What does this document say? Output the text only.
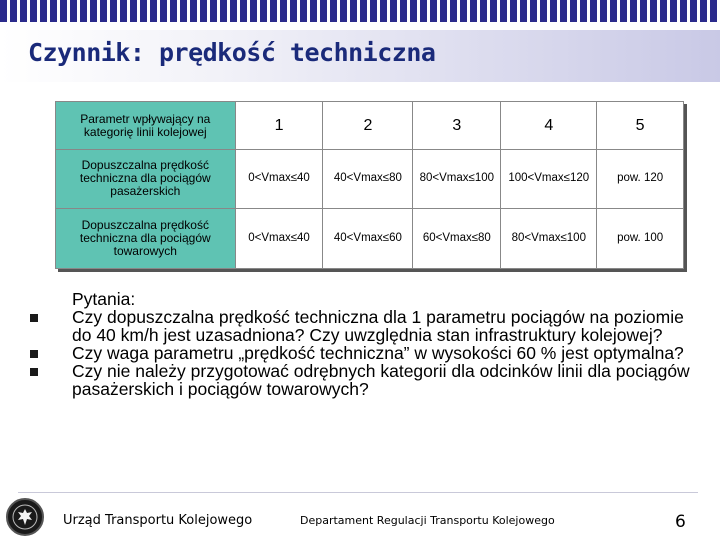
Czynnik: prędkość techniczna
Parametr wpływający na kategorię linii kolejowej	1	2	3	4	5
Dopuszczalna prędkość techniczna dla pociągów pasażerskich	0<Vmax≤40	40<Vmax≤80	80<Vmax≤100	100<Vmax≤120	pow. 120
Dopuszczalna prędkość techniczna dla pociągów towarowych	0<Vmax≤40	40<Vmax≤60	60<Vmax≤80	80<Vmax≤100	pow. 100
Pytania:
Czy dopuszczalna prędkość techniczna dla 1 parametru pociągów na poziomie do 40 km/h jest uzasadniona? Czy uwzględnia stan infrastruktury kolejowej?
Czy waga parametru „prędkość techniczna” w wysokości 60 % jest optymalna?
Czy nie należy przygotować odrębnych kategorii dla odcinków linii dla pociągów pasażerskich i pociągów towarowych?
Urząd Transportu Kolejowego	Departament Regulacji Transportu Kolejowego	6
